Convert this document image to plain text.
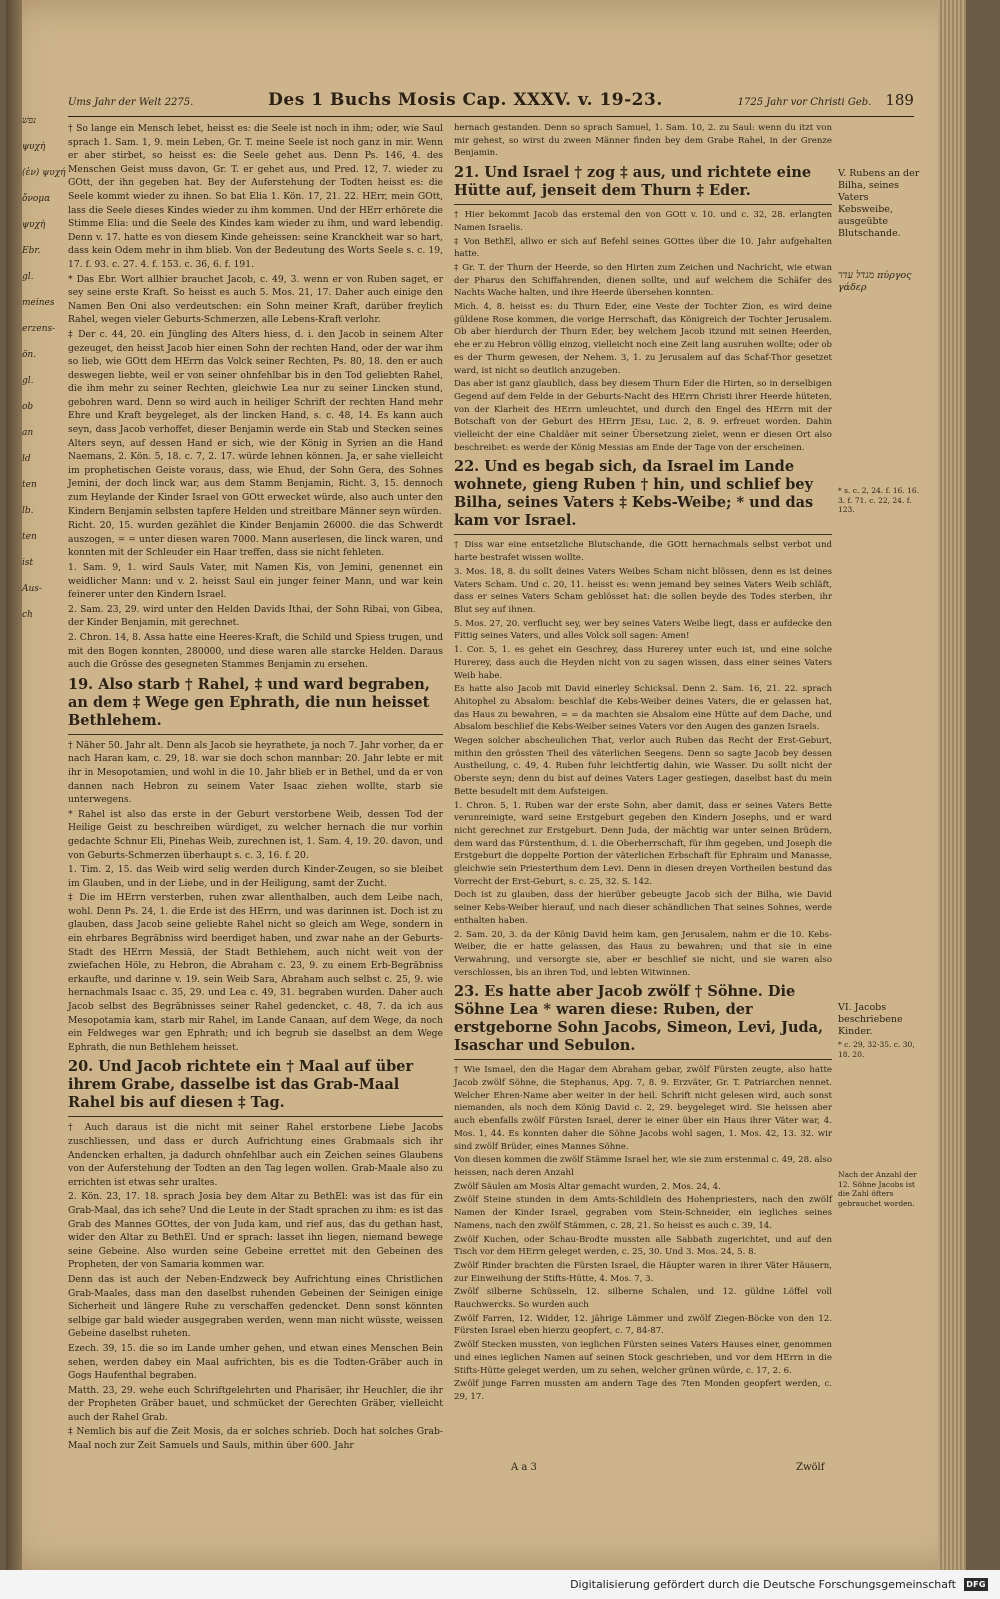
Ums Jahr der Welt 2275.	Des 1 Buchs Mosis Cap. XXXV. v. 19-23.	1725 Jahr vor Christi Geb. 189
נפשׁ
ψυχὴ
(ἐν) ψυχή
ὄνομα
ψυχὴ
Ebr.
gl.
meines
erzens-
ön.
gl.
ob
an
ld
ten
lb.
ten
ist
Aus-
ch

† So lange ein Mensch lebet, heisst es: die Seele ist noch in ihm; oder, wie Saul sprach 1. Sam. 1, 9. mein Leben, Gr. T. meine Seele ist noch ganz in mir. Wenn er aber stirbet, so heisst es: die Seele gehet aus. Denn Ps. 146, 4. des Menschen Geist muss davon, Gr. T. er gehet aus, und Pred. 12, 7. wieder zu GOtt, der ihn gegeben hat. Bey der Auferstehung der Todten heisst es: die Seele kommt wieder zu ihnen. So bat Elia 1. Kön. 17, 21. 22. HErr, mein GOtt, lass die Seele dieses Kindes wieder zu ihm kommen. Und der HErr erhörete die Stimme Elia: und die Seele des Kindes kam wieder zu ihm, und ward lebendig. Denn v. 17. hatte es von diesem Kinde geheissen: seine Kranckheit war so hart, dass kein Odem mehr in ihm blieb. Von der Bedeutung des Worts Seele s. c. 19, 17. f. 93. c. 27. 4. f. 153. c. 36, 6. f. 191.

* Das Ebr. Wort allhier brauchet Jacob, c. 49, 3. wenn er von Ruben saget, er sey seine erste Kraft. So heisst es auch 5. Mos. 21, 17. Daher auch einige den Namen Ben Oni also verdeutschen: ein Sohn meiner Kraft, darüber freylich Rahel, wegen vieler Geburts-Schmerzen, alle Lebens-Kraft verlohr.

‡ Der c. 44, 20. ein Jüngling des Alters hiess, d. i. den Jacob in seinem Alter gezeuget, den heisst Jacob hier einen Sohn der rechten Hand, oder der war ihm so lieb, wie GOtt dem HErrn das Volck seiner Rechten, Ps. 80, 18. den er auch deswegen liebte, weil er von seiner ohnfehlbar bis in den Tod geliebten Rahel, die ihm mehr zu seiner Rechten, gleichwie Lea nur zu seiner Lincken stund, gebohren ward. Denn so wird auch in heiliger Schrift der rechten Hand mehr Ehre und Kraft beygeleget, als der lincken Hand, s. c. 48, 14. Es kann auch seyn, dass Jacob verhoffet, dieser Benjamin werde ein Stab und Stecken seines Alters seyn, auf dessen Hand er sich, wie der König in Syrien an die Hand Naemans, 2. Kön. 5, 18. c. 7, 2. 17. würde lehnen können. Ja, er sahe vielleicht im prophetischen Geiste voraus, dass, wie Ehud, der Sohn Gera, des Sohnes Jemini, der doch linck war, aus dem Stamm Benjamin, Richt. 3, 15. dennoch zum Heylande der Kinder Israel von GOtt erwecket würde, also auch unter den Kindern Benjamin selbsten tapfere Helden und streitbare Männer seyn würden.

Richt. 20, 15. wurden gezählet die Kinder Benjamin 26000. die das Schwerdt auszogen, = = unter diesen waren 7000. Mann auserlesen, die linck waren, und konnten mit der Schleuder ein Haar treffen, dass sie nicht fehleten.

1. Sam. 9, 1. wird Sauls Vater, mit Namen Kis, von Jemini, genennet ein weidlicher Mann: und v. 2. heisst Saul ein junger feiner Mann, und war kein feinerer unter den Kindern Israel.

2. Sam. 23, 29. wird unter den Helden Davids Ithai, der Sohn Ribai, von Gibea, der Kinder Benjamin, mit gerechnet.

2. Chron. 14, 8. Assa hatte eine Heeres-Kraft, die Schild und Spiess trugen, und mit den Bogen konnten, 280000, und diese waren alle starcke Helden. Daraus auch die Grösse des gesegneten Stammes Benjamin zu ersehen.

19. Also starb † Rahel, ‡ und ward begraben, an dem ‡ Wege gen Ephrath, die nun heisset Bethlehem.

† Näher 50. Jahr alt. Denn als Jacob sie heyrathete, ja noch 7. Jahr vorher, da er nach Haran kam, c. 29, 18. war sie doch schon mannbar: 20. Jahr lebte er mit ihr in Mesopotamien, und wohl in die 10. Jahr blieb er in Bethel, und da er von dannen nach Hebron zu seinem Vater Isaac ziehen wollte, starb sie unterwegens.

* Rahel ist also das erste in der Geburt verstorbene Weib, dessen Tod der Heilige Geist zu beschreiben würdiget, zu welcher hernach die nur vorhin gedachte Schnur Eli, Pinehas Weib, zurechnen ist, 1. Sam. 4, 19. 20. davon, und von Geburts-Schmerzen überhaupt s. c. 3, 16. f. 20.

1. Tim. 2, 15. das Weib wird selig werden durch Kinder-Zeugen, so sie bleibet im Glauben, und in der Liebe, und in der Heiligung, samt der Zucht.

‡ Die im HErrn versterben, ruhen zwar allenthalben, auch dem Leibe nach, wohl. Denn Ps. 24, 1. die Erde ist des HErrn, und was darinnen ist. Doch ist zu glauben, dass Jacob seine geliebte Rahel nicht so gleich am Wege, sondern in ein ehrbares Begräbniss wird beerdiget haben, und zwar nahe an der Geburts-Stadt des HErrn Messiä, der Stadt Bethlehem, auch nicht weit von der zwiefachen Höle, zu Hebron, die Abraham c. 23, 9. zu einem Erb-Begräbniss erkaufte, und darinne v. 19. sein Weib Sara, Abraham auch selbst c. 25, 9. wie hernachmals Isaac c. 35, 29. und Lea c. 49, 31. begraben wurden. Daher auch Jacob selbst des Begräbnisses seiner Rahel gedencket, c. 48, 7. da ich aus Mesopotamia kam, starb mir Rahel, im Lande Canaan, auf dem Wege, da noch ein Feldweges war gen Ephrath; und ich begrub sie daselbst an dem Wege Ephrath, die nun Bethlehem heisset.

20. Und Jacob richtete ein † Maal auf über ihrem Grabe, dasselbe ist das Grab-Maal Rahel bis auf diesen ‡ Tag.

† Auch daraus ist die nicht mit seiner Rahel erstorbene Liebe Jacobs zuschliessen, und dass er durch Aufrichtung eines Grabmaals sich ihr Andencken erhalten, ja dadurch ohnfehlbar auch ein Zeichen seines Glaubens von der Auferstehung der Todten an den Tag legen wollen. Grab-Maale also zu errichten ist etwas sehr uraltes.

2. Kön. 23, 17. 18. sprach Josia bey dem Altar zu BethEl: was ist das für ein Grab-Maal, das ich sehe? Und die Leute in der Stadt sprachen zu ihm: es ist das Grab des Mannes GOttes, der von Juda kam, und rief aus, das du gethan hast, wider den Altar zu BethEl. Und er sprach: lasset ihn liegen, niemand bewege seine Gebeine. Also wurden seine Gebeine errettet mit den Gebeinen des Propheten, der von Samaria kommen war.

Denn das ist auch der Neben-Endzweck bey Aufrichtung eines Christlichen Grab-Maales, dass man den daselbst ruhenden Gebeinen der Seinigen einige Sicherheit und längere Ruhe zu verschaffen gedencket. Denn sonst könnten selbige gar bald wieder ausgegraben werden, wenn man nicht wüsste, weissen Gebeine daselbst ruheten.

Ezech. 39, 15. die so im Lande umher gehen, und etwan eines Menschen Bein sehen, werden dabey ein Maal aufrichten, bis es die Todten-Gräber auch in Gogs Haufenthal begraben.

Matth. 23, 29. wehe euch Schriftgelehrten und Pharisäer, ihr Heuchler, die ihr der Propheten Gräber bauet, und schmücket der Gerechten Gräber, vielleicht auch der Rahel Grab.

‡ Nemlich bis auf die Zeit Mosis, da er solches schrieb. Doch hat solches Grab-Maal noch zur Zeit Samuels und Sauls, mithin über 600. Jahr

hernach gestanden. Denn so sprach Samuel, 1. Sam. 10, 2. zu Saul: wenn du itzt von mir gehest, so wirst du zween Männer finden bey dem Grabe Rahel, in der Grenze Benjamin.

21. Und Israel † zog ‡ aus, und richtete eine Hütte auf, jenseit dem Thurn ‡ Eder.

† Hier bekommt Jacob das erstemal den von GOtt v. 10. und c. 32, 28. erlangten Namen Israelis.

‡ Von BethEl, allwo er sich auf Befehl seines GOttes über die 10. Jahr aufgehalten hatte.

‡ Gr. T. der Thurn der Heerde, so den Hirten zum Zeichen und Nachricht, wie etwan der Pharus den Schiffahrenden, dienen sollte, und auf welchem die Schäfer des Nachts Wache halten, und ihre Heerde übersehen konnten.

Mich. 4, 8. heisst es: du Thurn Eder, eine Veste der Tochter Zion, es wird deine güldene Rose kommen, die vorige Herrschaft, das Königreich der Tochter Jerusalem. Ob aber hierdurch der Thurn Eder, bey welchem Jacob itzund mit seinen Heerden, ehe er zu Hebron völlig einzog, vielleicht noch eine Zeit lang ausruhen wollte; oder ob es der Thurm gewesen, der Nehem. 3, 1. zu Jerusalem auf das Schaf-Thor gesetzet ward, ist nicht so deutlich anzugeben.

Das aber ist ganz glaublich, dass bey diesem Thurn Eder die Hirten, so in derselbigen Gegend auf dem Felde in der Geburts-Nacht des HErrn Christi ihrer Heerde hüteten, von der Klarheit des HErrn umleuchtet, und durch den Engel des HErrn mit der Botschaft von der Geburt des HErrn JEsu, Luc. 2, 8. 9. erfreuet worden. Dahin vielleicht der eine Chaldäer mit seiner Übersetzung zielet, wenn er diesen Ort also beschreibet: es werde der König Messias am Ende der Tage von der erscheinen.

22. Und es begab sich, da Israel im Lande wohnete, gieng Ruben † hin, und schlief bey Bilha, seines Vaters ‡ Kebs-Weibe; * und das kam vor Israel.

† Diss war eine entsetzliche Blutschande, die GOtt hernachmals selbst verbot und harte bestrafet wissen wollte.

3. Mos. 18, 8. du sollt deines Vaters Weibes Scham nicht blössen, denn es ist deines Vaters Scham. Und c. 20, 11. heisst es: wenn jemand bey seines Vaters Weib schläft, dass er seines Vaters Scham geblösset hat: die sollen beyde des Todes sterben, ihr Blut sey auf ihnen.

5. Mos. 27, 20. verflucht sey, wer bey seines Vaters Weibe liegt, dass er aufdecke den Fittig seines Vaters, und alles Volck soll sagen: Amen!

1. Cor. 5, 1. es gehet ein Geschrey, dass Hurerey unter euch ist, und eine solche Hurerey, dass auch die Heyden nicht von zu sagen wissen, dass einer seines Vaters Weib habe.

Es hatte also Jacob mit David einerley Schicksal. Denn 2. Sam. 16, 21. 22. sprach Ahitophel zu Absalom: beschlaf die Kebs-Weiber deines Vaters, die er gelassen hat, das Haus zu bewahren, = = da machten sie Absalom eine Hütte auf dem Dache, und Absalom beschlief die Kebs-Weiber seines Vaters vor den Augen des ganzen Israels.

Wegen solcher abscheulichen That, verlor auch Ruben das Recht der Erst-Geburt, mithin den grössten Theil des väterlichen Seegens. Denn so sagte Jacob bey dessen Austheilung, c. 49, 4. Ruben fuhr leichtfertig dahin, wie Wasser. Du sollt nicht der Oberste seyn; denn du bist auf deines Vaters Lager gestiegen, daselbst hast du mein Bette besudelt mit dem Aufsteigen.

1. Chron. 5, 1. Ruben war der erste Sohn, aber damit, dass er seines Vaters Bette verunreinigte, ward seine Erstgeburt gegeben den Kindern Josephs, und er ward nicht gerechnet zur Erstgeburt. Denn Juda, der mächtig war unter seinen Brüdern, dem ward das Fürstenthum, d. i. die Oberherrschaft, für ihm gegeben, und Joseph die Erstgeburt die doppelte Portion der väterlichen Erbschaft für Ephraim und Manasse, gleichwie sein Priesterthum dem Levi. Denn in diesen dreyen Vortheilen bestund das Vorrecht der Erst-Geburt, s. c. 25, 32. S. 142.

Doch ist zu glauben, dass der hierüber gebeugte Jacob sich der Bilha, wie David seiner Kebs-Weiber hierauf, und nach dieser schändlichen That seines Sohnes, werde enthalten haben.

2. Sam. 20, 3. da der König David heim kam, gen Jerusalem, nahm er die 10. Kebs-Weiber, die er hatte gelassen, das Haus zu bewahren; und that sie in eine Verwahrung, und versorgte sie, aber er beschlief sie nicht, und sie waren also verschlossen, bis an ihren Tod, und lebten Witwinnen.

23. Es hatte aber Jacob zwölf † Söhne. Die Söhne Lea * waren diese: Ruben, der erstgeborne Sohn Jacobs, Simeon, Levi, Juda, Isaschar und Sebulon.

† Wie Ismael, den die Hagar dem Abraham gebar, zwölf Fürsten zeugte, also hatte Jacob zwölf Söhne, die Stephanus, Apg. 7, 8. 9. Erzväter, Gr. T. Patriarchen nennet. Welcher Ehren-Name aber weiter in der heil. Schrift nicht gelesen wird, auch sonst niemanden, als noch dem König David c. 2, 29. beygeleget wird. Sie heissen aber auch ebenfalls zwölf Fürsten Israel, derer ie einer über ein Haus ihrer Väter war, 4. Mos. 1, 44. Es konnten daher die Söhne Jacobs wohl sagen, 1. Mos. 42, 13. 32. wir sind zwölf Brüder, eines Mannes Söhne.

Von diesen kommen die zwölf Stämme Israel her, wie sie zum erstenmal c. 49, 28. also heissen, nach deren Anzahl

Zwölf Säulen am Mosis Altar gemacht wurden, 2. Mos. 24, 4.

Zwölf Steine stunden in dem Amts-Schildlein des Hohenpriesters, nach den zwölf Namen der Kinder Israel, gegraben vom Stein-Schneider, ein iegliches seines Namens, nach den zwölf Stämmen, c. 28, 21. So heisst es auch c. 39, 14.

Zwölf Kuchen, oder Schau-Brodte mussten alle Sabbath zugerichtet, und auf den Tisch vor dem HErrn geleget werden, c. 25, 30. Und 3. Mos. 24, 5. 8.

Zwölf Rinder brachten die Fürsten Israel, die Häupter waren in ihrer Väter Häusern, zur Einweihung der Stifts-Hütte, 4. Mos. 7, 3.

Zwölf silberne Schüsseln, 12. silberne Schalen, und 12. güldne Löffel voll Rauchwercks. So wurden auch

Zwölf Farren, 12. Widder, 12. jährige Lämmer und zwölf Ziegen-Böcke von den 12. Fürsten Israel eben hierzu geopfert, c. 7, 84-87.

Zwölf Stecken mussten, von ieglichen Fürsten seines Vaters Hauses einer, genommen und eines ieglichen Namen auf seinen Stock geschrieben, und vor dem HErrn in die Stifts-Hütte geleget werden, um zu sehen, welcher grünen würde, c. 17, 2. 6.

Zwölf junge Farren mussten am andern Tage des 7ten Monden geopfert werden, c. 29, 17.

V. Rubens an der Bilha, seines Vaters Kebsweibe, ausgeübte Blutschande.
מגדל עדר πύργος γάδερ
* s. c. 2, 24. f. 16. 16. 3. f. 71. c. 22, 24. f. 123.
VI. Jacobs beschriebene Kinder.
* c. 29, 32-35. c. 30, 18. 20.
Nach der Anzahl der 12. Söhne Jacobs ist die Zahl öfters gebrauchet worden.
A a 3	Zwölf
Digitalisierung gefördert durch die Deutsche Forschungsgemeinschaft DFG
